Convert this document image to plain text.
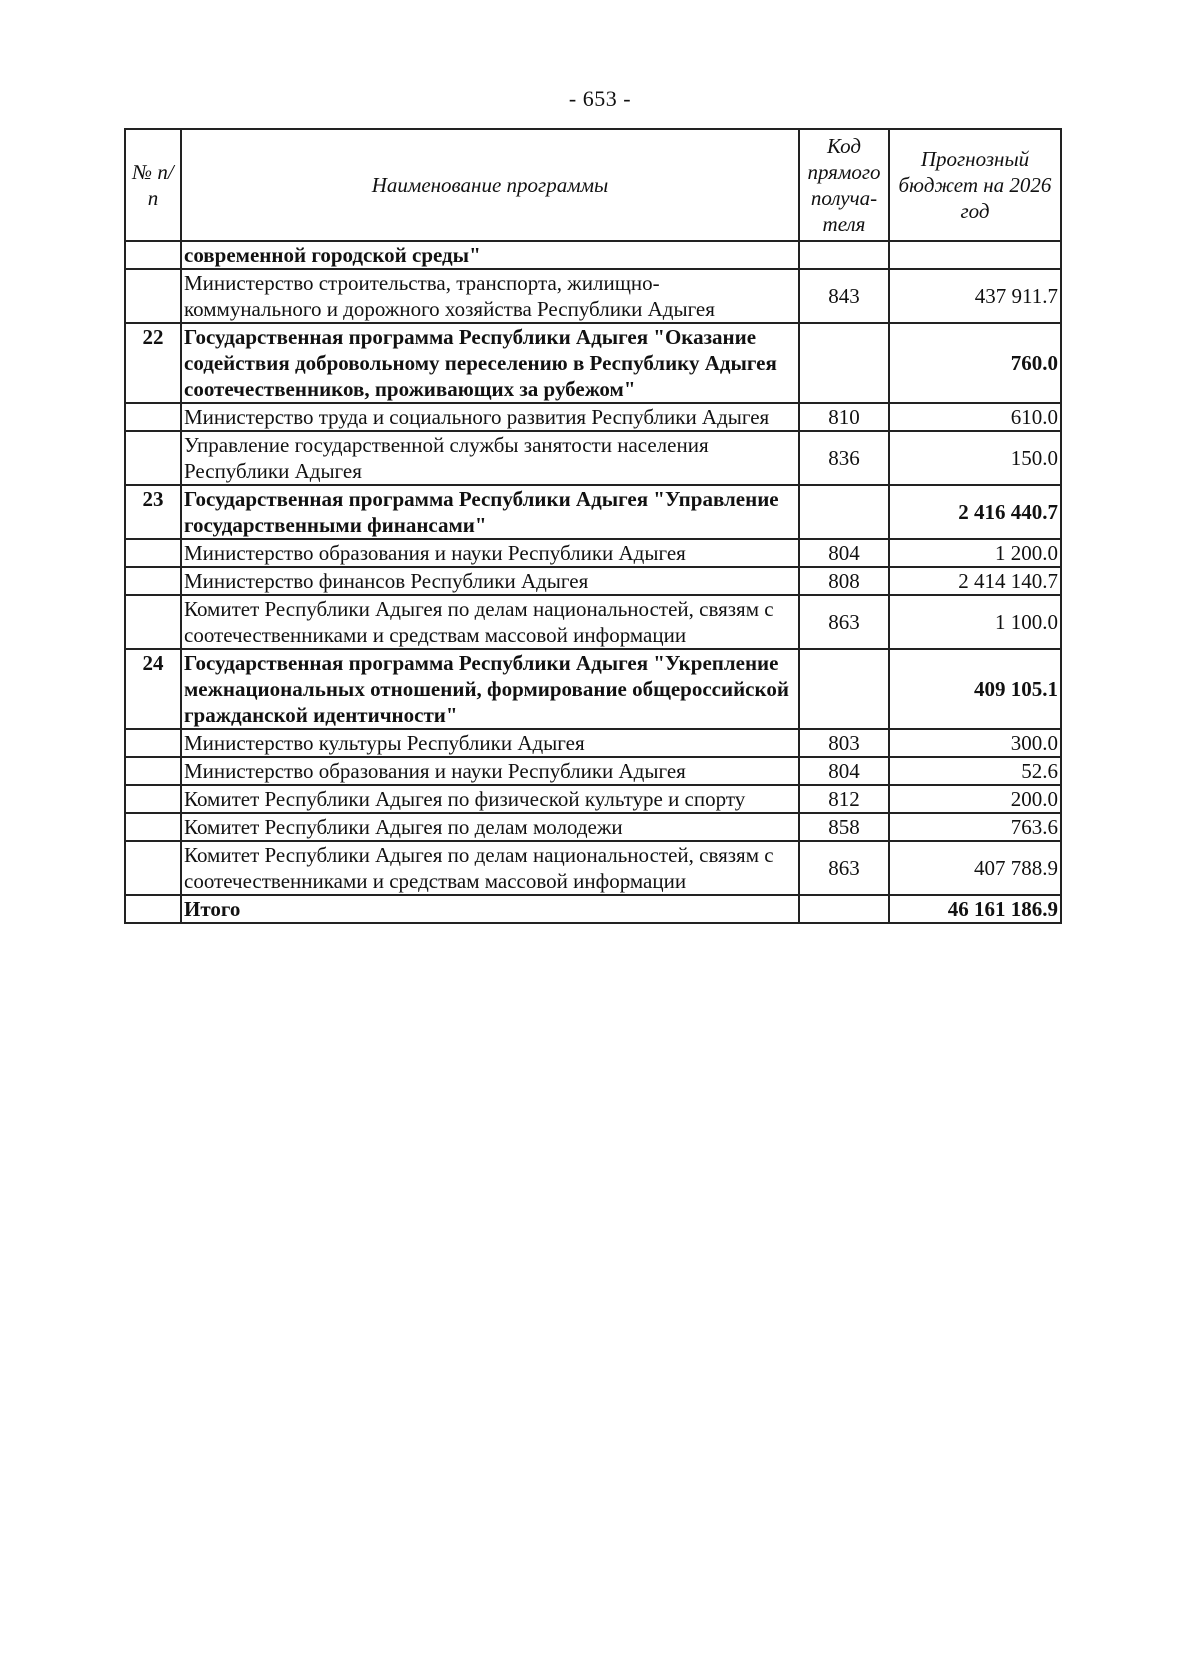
- 653 -
№ п/п	Наименование программы	Код прямого получа-теля	Прогнозный бюджет на 2026 год
	современной городской среды"		
	Министерство строительства, транспорта, жилищно-коммунального и дорожного хозяйства Республики Адыгея	843	437 911.7
22	Государственная программа Республики Адыгея "Оказание содействия добровольному переселению в Республику Адыгея соотечественников, проживающих за рубежом"		760.0
	Министерство труда и социального развития Республики Адыгея	810	610.0
	Управление государственной службы занятости населения Республики Адыгея	836	150.0
23	Государственная программа Республики Адыгея "Управление государственными финансами"		2 416 440.7
	Министерство образования и науки Республики Адыгея	804	1 200.0
	Министерство финансов Республики Адыгея	808	2 414 140.7
	Комитет Республики Адыгея по делам национальностей, связям с соотечественниками и средствам массовой информации	863	1 100.0
24	Государственная программа Республики Адыгея "Укрепление межнациональных отношений, формирование общероссийской гражданской идентичности"		409 105.1
	Министерство культуры Республики Адыгея	803	300.0
	Министерство образования и науки Республики Адыгея	804	52.6
	Комитет Республики Адыгея по физической культуре и спорту	812	200.0
	Комитет Республики Адыгея по делам молодежи	858	763.6
	Комитет Республики Адыгея по делам национальностей, связям с соотечественниками и средствам массовой информации	863	407 788.9
	Итого		46 161 186.9
